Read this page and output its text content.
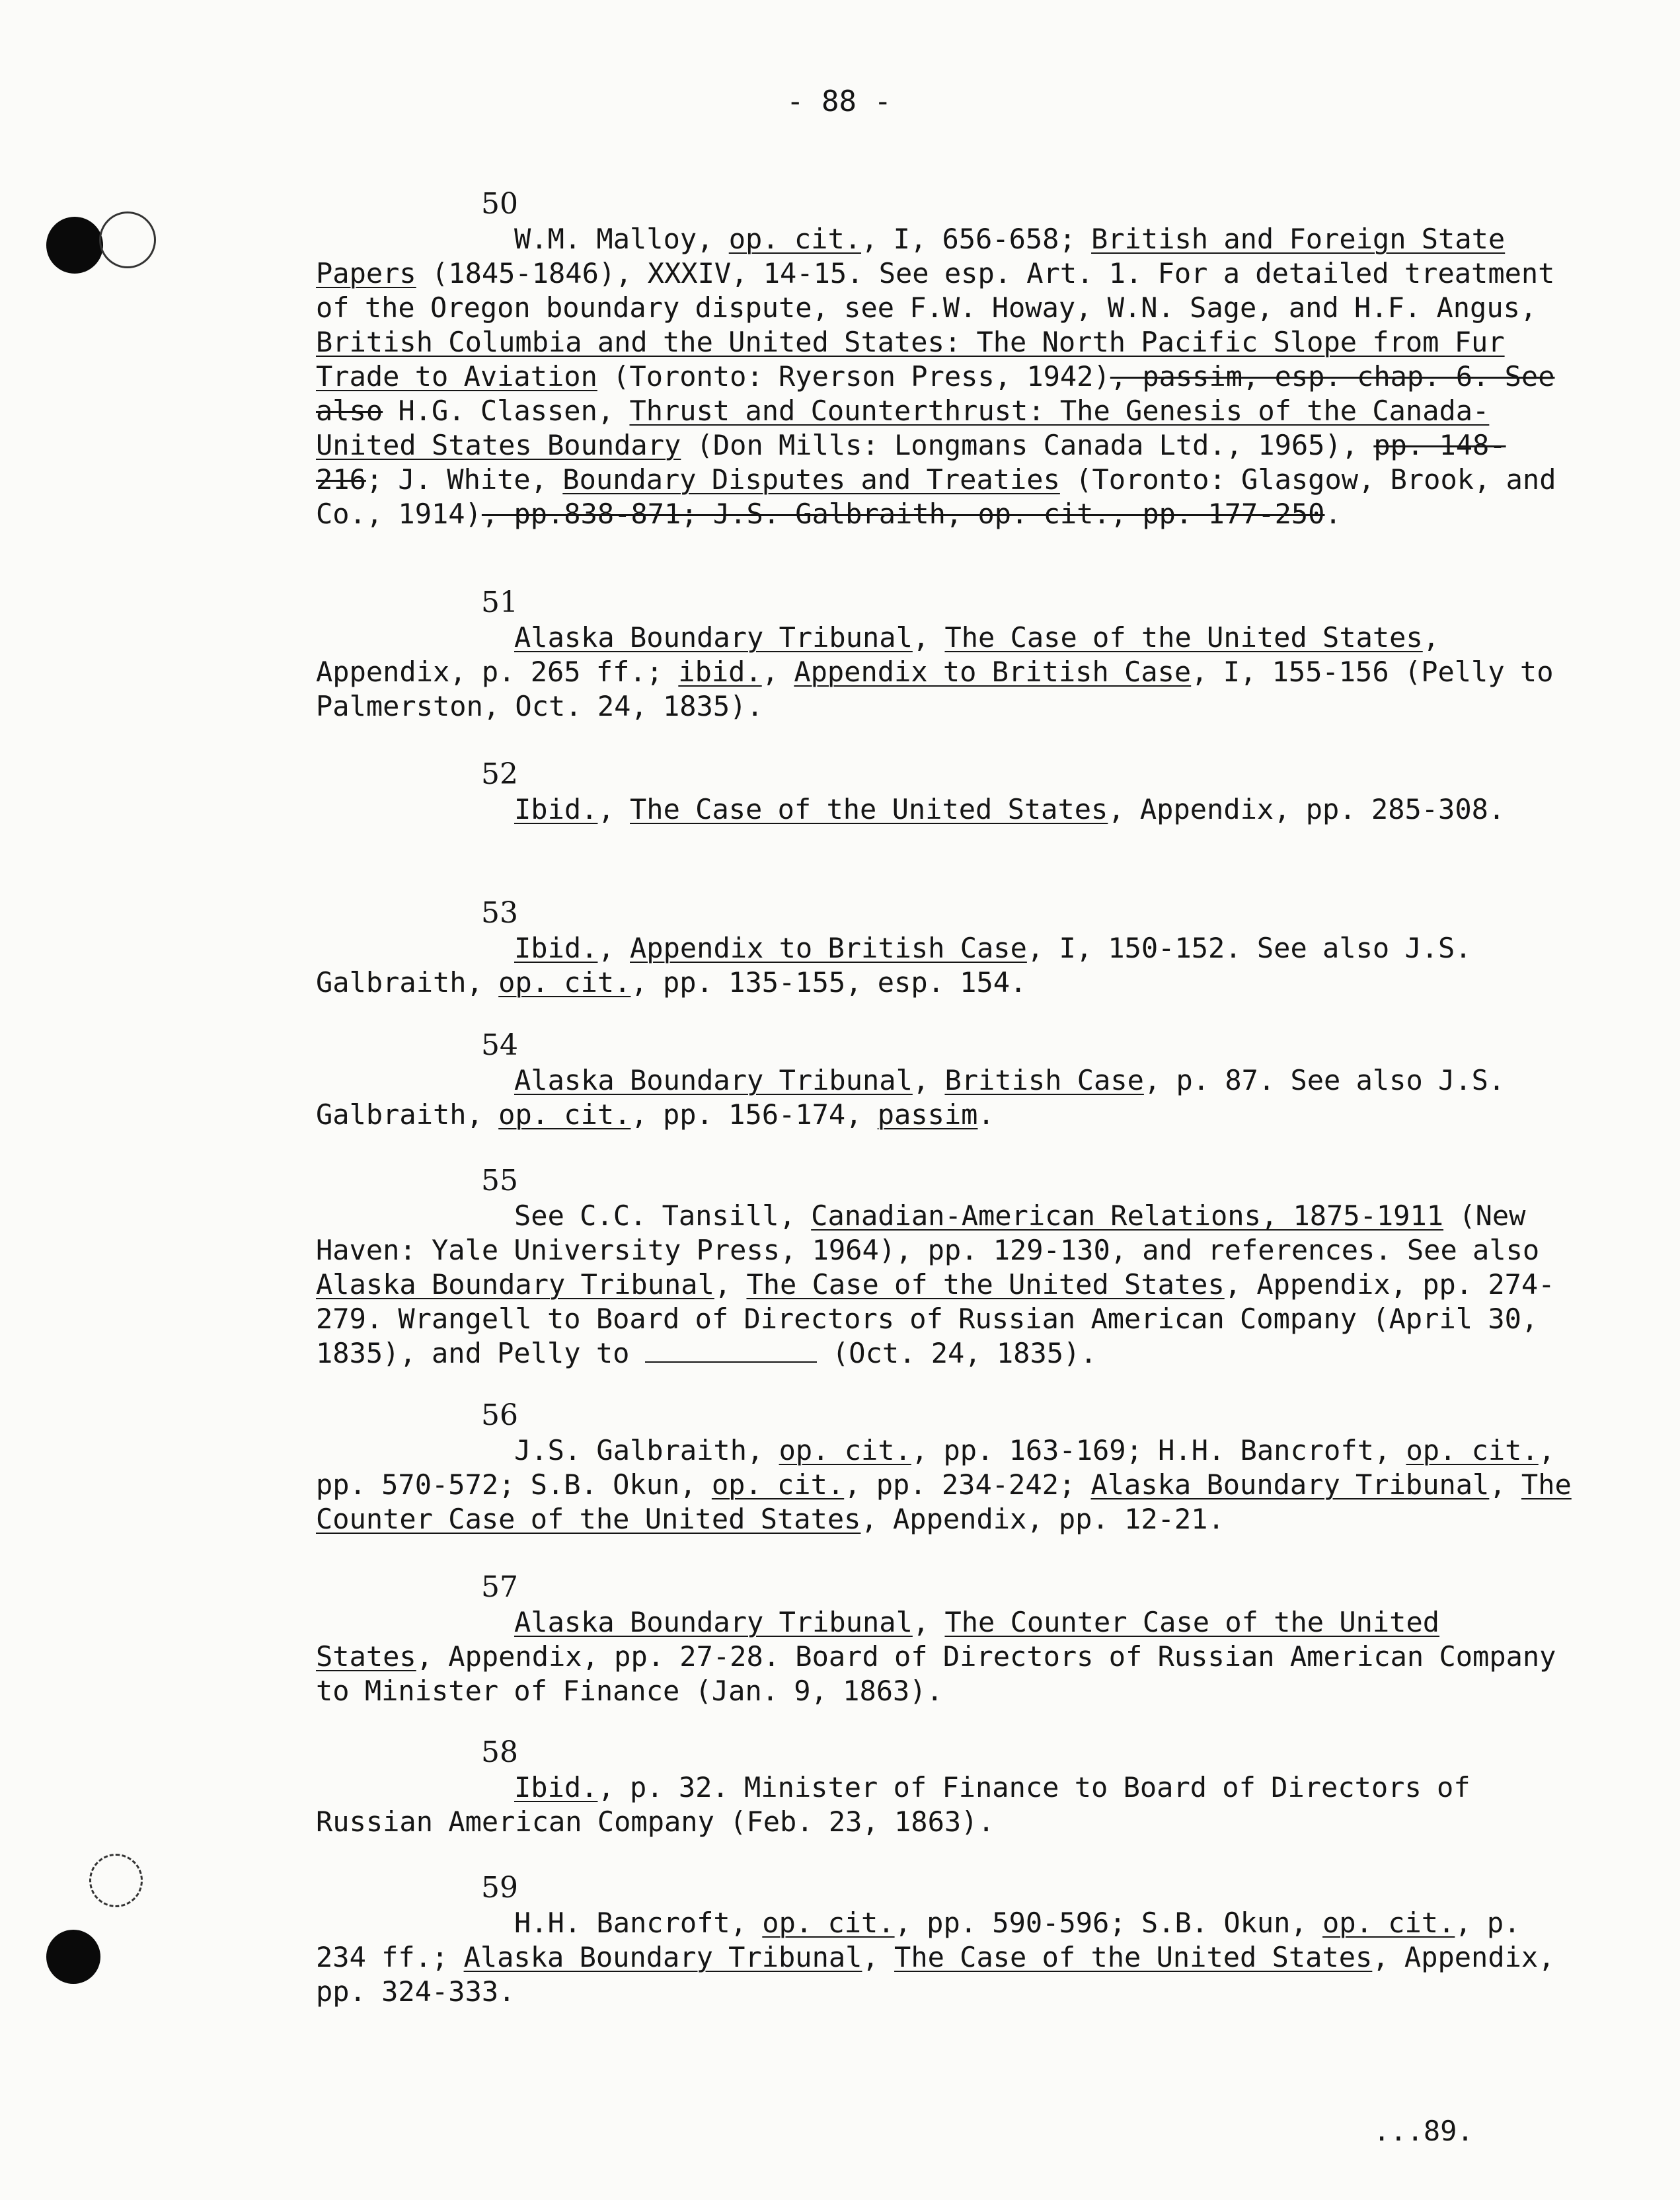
- 88 -
50

W.M. Malloy, op. cit., I, 656-658; British and Foreign State Papers (1845-1846), XXXIV, 14-15. See esp. Art. 1. For a detailed treatment of the Oregon boundary dispute, see F.W. Howay, W.N. Sage, and H.F. Angus, British Columbia and the United States: The North Pacific Slope from Fur Trade to Aviation (Toronto: Ryerson Press, 1942), passim, esp. chap. 6. See also H.G. Classen, Thrust and Counterthrust: The Genesis of the Canada-United States Boundary (Don Mills: Longmans Canada Ltd., 1965), pp. 148-216; J. White, Boundary Disputes and Treaties (Toronto: Glasgow, Brook, and Co., 1914), pp.838-871; J.S. Galbraith, op. cit., pp. 177-250.

51

Alaska Boundary Tribunal, The Case of the United States, Appendix, p. 265 ff.; ibid., Appendix to British Case, I, 155-156 (Pelly to Palmerston, Oct. 24, 1835).

52

Ibid., The Case of the United States, Appendix, pp. 285-308.

53

Ibid., Appendix to British Case, I, 150-152. See also J.S. Galbraith, op. cit., pp. 135-155, esp. 154.

54

Alaska Boundary Tribunal, British Case, p. 87. See also J.S. Galbraith, op. cit., pp. 156-174, passim.

55

See C.C. Tansill, Canadian-American Relations, 1875-1911 (New Haven: Yale University Press, 1964), pp. 129-130, and references. See also Alaska Boundary Tribunal, The Case of the United States, Appendix, pp. 274-279. Wrangell to Board of Directors of Russian American Company (April 30, 1835), and Pelly to	(Oct. 24, 1835).

56

J.S. Galbraith, op. cit., pp. 163-169; H.H. Bancroft, op. cit., pp. 570-572; S.B. Okun, op. cit., pp. 234-242; Alaska Boundary Tribunal, The Counter Case of the United States, Appendix, pp. 12-21.

57

Alaska Boundary Tribunal, The Counter Case of the United States, Appendix, pp. 27-28. Board of Directors of Russian American Company to Minister of Finance (Jan. 9, 1863).

58

Ibid., p. 32. Minister of Finance to Board of Directors of Russian American Company (Feb. 23, 1863).

59

H.H. Bancroft, op. cit., pp. 590-596; S.B. Okun, op. cit., p. 234 ff.; Alaska Boundary Tribunal, The Case of the United States, Appendix, pp. 324-333.

...89.
